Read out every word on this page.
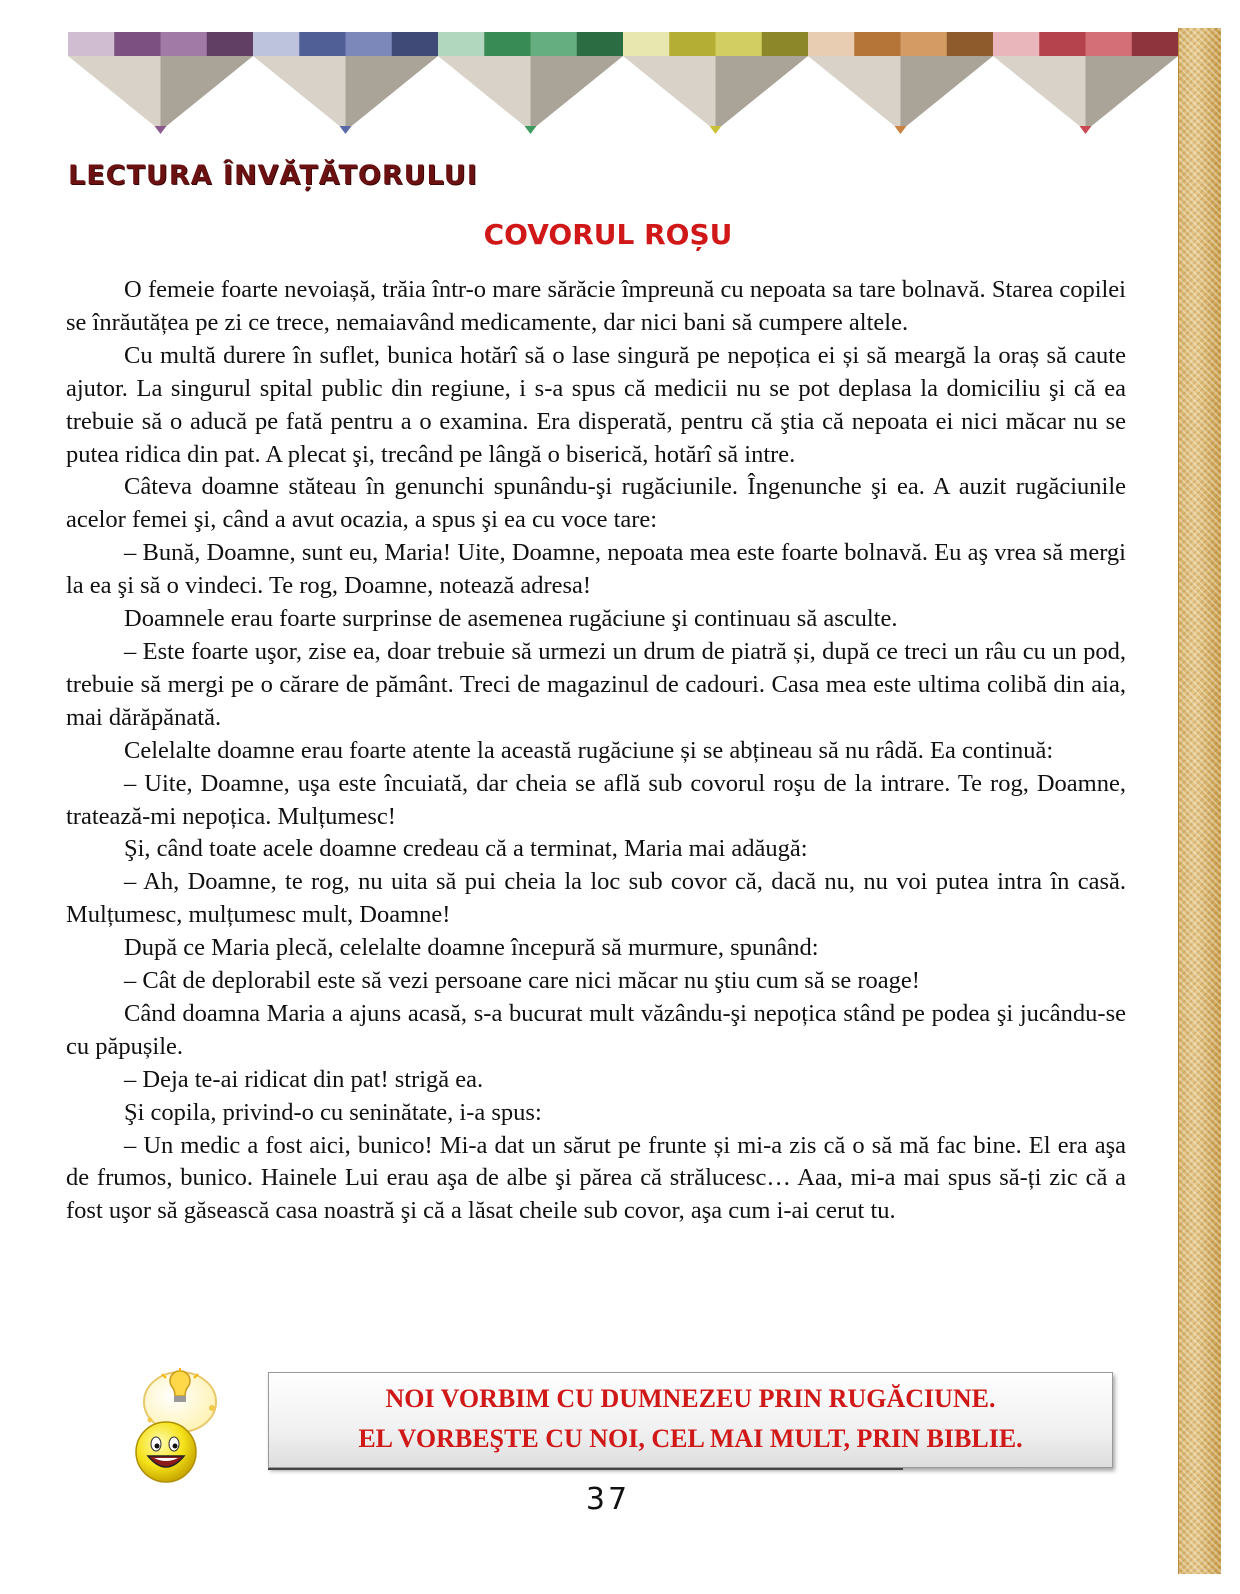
LECTURA ÎNVĂȚĂTORULUI
COVORUL ROȘU

O femeie foarte nevoiașă, trăia într-o mare sărăcie împreună cu nepoata sa tare bolnavă. Starea copilei se înrăutățea pe zi ce trece, nemaiavând medicamente, dar nici bani să cumpere altele.

Cu multă durere în suflet, bunica hotărî să o lase singură pe nepoțica ei și să meargă la oraș să caute ajutor. La singurul spital public din regiune, i s-a spus că medicii nu se pot deplasa la domiciliu şi că ea trebuie să o aducă pe fată pentru a o examina. Era disperată, pentru că ştia că nepoata ei nici măcar nu se putea ridica din pat. A plecat şi, trecând pe lângă o biserică, hotărî să intre.

Câteva doamne stăteau în genunchi spunându-şi rugăciunile. Îngenunche şi ea. A auzit rugăciunile acelor femei şi, când a avut ocazia, a spus şi ea cu voce tare:

– Bună, Doamne, sunt eu, Maria! Uite, Doamne, nepoata mea este foarte bolnavă. Eu aş vrea să mergi la ea şi să o vindeci. Te rog, Doamne, notează adresa!

Doamnele erau foarte surprinse de asemenea rugăciune şi continuau să asculte.

– Este foarte uşor, zise ea, doar trebuie să urmezi un drum de piatră și, după ce treci un râu cu un pod, trebuie să mergi pe o cărare de pământ. Treci de magazinul de cadouri. Casa mea este ultima colibă din aia, mai dărăpănată.

Celelalte doamne erau foarte atente la această rugăciune și se abțineau să nu râdă. Ea continuă:

– Uite, Doamne, uşa este încuiată, dar cheia se află sub covorul roşu de la intrare. Te rog, Doamne, tratează-mi nepoțica. Mulțumesc!

Şi, când toate acele doamne credeau că a terminat, Maria mai adăugă:

– Ah, Doamne, te rog, nu uita să pui cheia la loc sub covor că, dacă nu, nu voi putea intra în casă. Mulțumesc, mulțumesc mult, Doamne!

După ce Maria plecă, celelalte doamne începură să murmure, spunând:

– Cât de deplorabil este să vezi persoane care nici măcar nu ştiu cum să se roage!

Când doamna Maria a ajuns acasă, s-a bucurat mult văzându-şi nepoțica stând pe podea şi jucându-se cu păpușile.

– Deja te-ai ridicat din pat! strigă ea.

Şi copila, privind-o cu seninătate, i-a spus:

– Un medic a fost aici, bunico! Mi-a dat un sărut pe frunte și mi-a zis că o să mă fac bine. El era aşa de frumos, bunico. Hainele Lui erau aşa de albe şi părea că strălucesc… Aaa, mi-a mai spus să-ți zic că a fost uşor să găsească casa noastră şi că a lăsat cheile sub covor, aşa cum i-ai cerut tu.

NOI VORBIM CU DUMNEZEU PRIN RUGĂCIUNE.
EL VORBEŞTE CU NOI, CEL MAI MULT, PRIN BIBLIE.
37
